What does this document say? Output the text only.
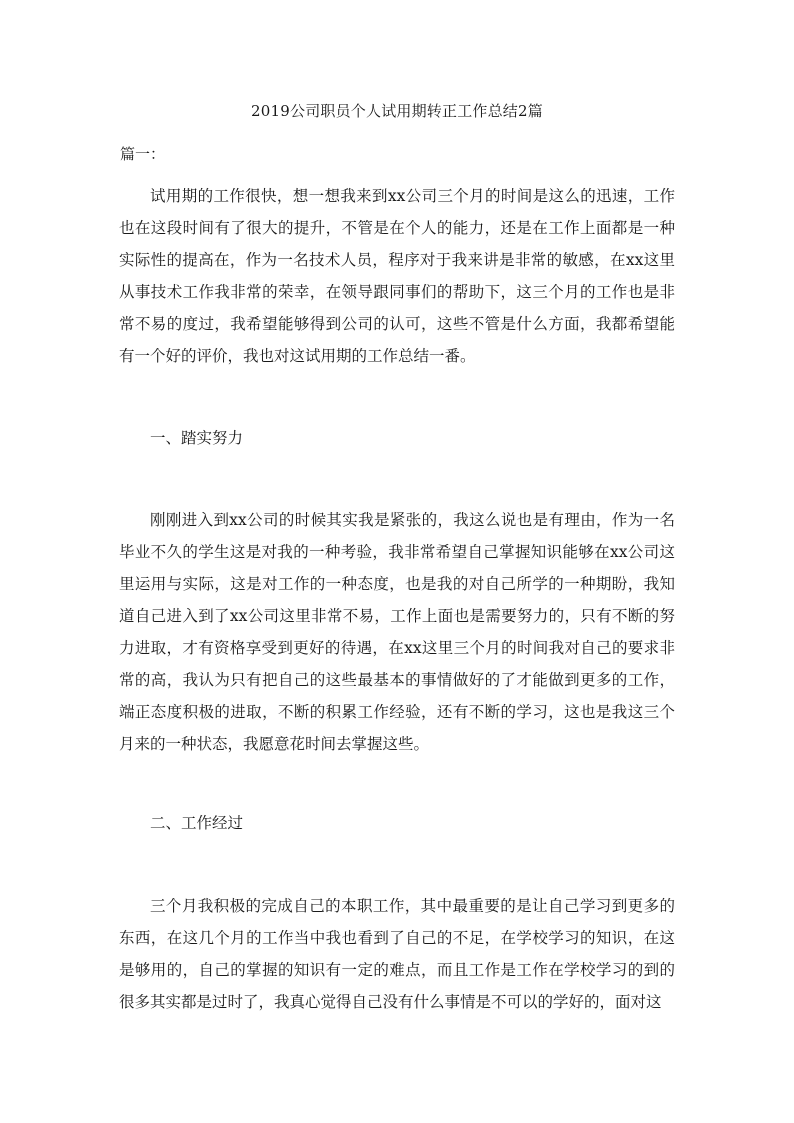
2019公司职员个人试用期转正工作总结2篇
篇一：
试用期的工作很快，想一想我来到xx公司三个月的时间是这么的迅速，工作也在这段时间有了很大的提升，不管是在个人的能力，还是在工作上面都是一种实际性的提高在，作为一名技术人员，程序对于我来讲是非常的敏感，在xx这里从事技术工作我非常的荣幸，在领导跟同事们的帮助下，这三个月的工作也是非常不易的度过，我希望能够得到公司的认可，这些不管是什么方面，我都希望能有一个好的评价，我也对这试用期的工作总结一番。
一、踏实努力
刚刚进入到xx公司的时候其实我是紧张的，我这么说也是有理由，作为一名毕业不久的学生这是对我的一种考验，我非常希望自己掌握知识能够在xx公司这里运用与实际，这是对工作的一种态度，也是我的对自己所学的一种期盼，我知道自己进入到了xx公司这里非常不易，工作上面也是需要努力的，只有不断的努力进取，才有资格享受到更好的待遇，在xx这里三个月的时间我对自己的要求非常的高，我认为只有把自己的这些最基本的事情做好的了才能做到更多的工作，端正态度积极的进取，不断的积累工作经验，还有不断的学习，这也是我这三个月来的一种状态，我愿意花时间去掌握这些。
二、工作经过
三个月我积极的完成自己的本职工作，其中最重要的是让自己学习到更多的东西，在这几个月的工作当中我也看到了自己的不足，在学校学习的知识，在这是够用的，自己的掌握的知识有一定的难点，而且工作是工作在学校学习的到的很多其实都是过时了，我真心觉得自己没有什么事情是不可以的学好的，面对这
